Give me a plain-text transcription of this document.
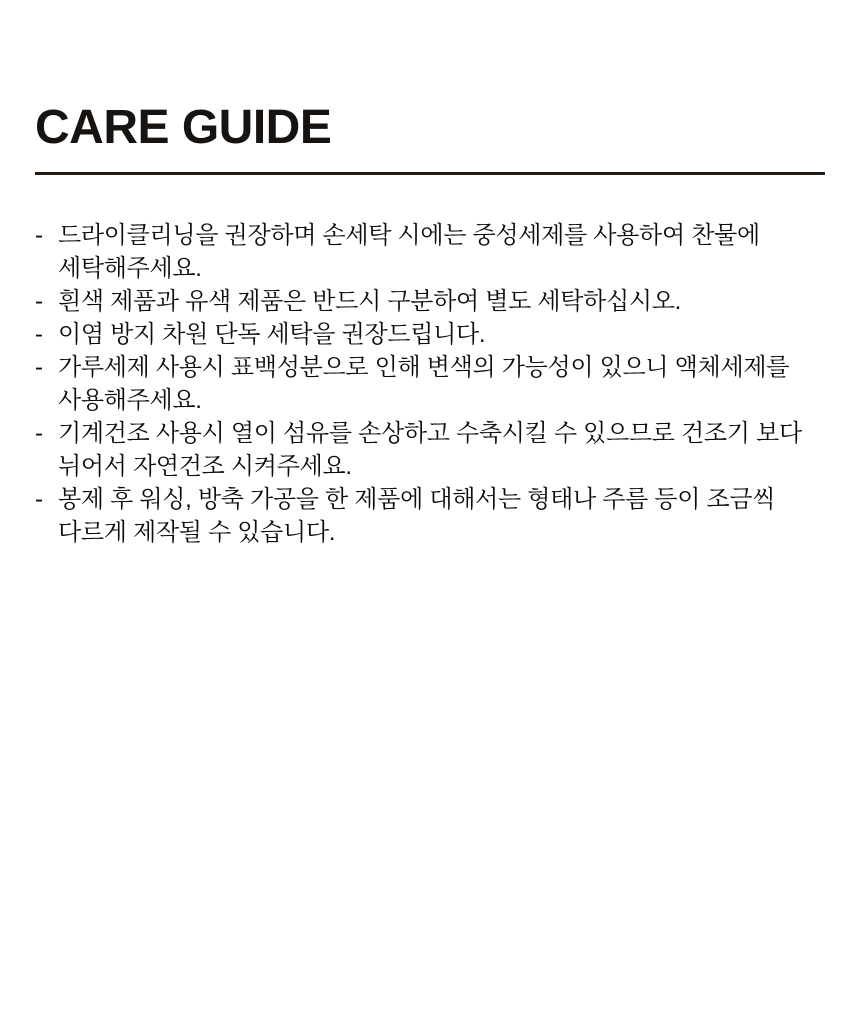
CARE GUIDE
- 드라이클리닝을 권장하며 손세탁 시에는 중성세제를 사용하여 찬물에
세탁해주세요.
- 흰색 제품과 유색 제품은 반드시 구분하여 별도 세탁하십시오.
- 이염 방지 차원 단독 세탁을 권장드립니다.
- 가루세제 사용시 표백성분으로 인해 변색의 가능성이 있으니 액체세제를
사용해주세요.
- 기계건조 사용시 열이 섬유를 손상하고 수축시킬 수 있으므로 건조기 보다
뉘어서 자연건조 시켜주세요.
- 봉제 후 워싱, 방축 가공을 한 제품에 대해서는 형태나 주름 등이 조금씩
다르게 제작될 수 있습니다.
